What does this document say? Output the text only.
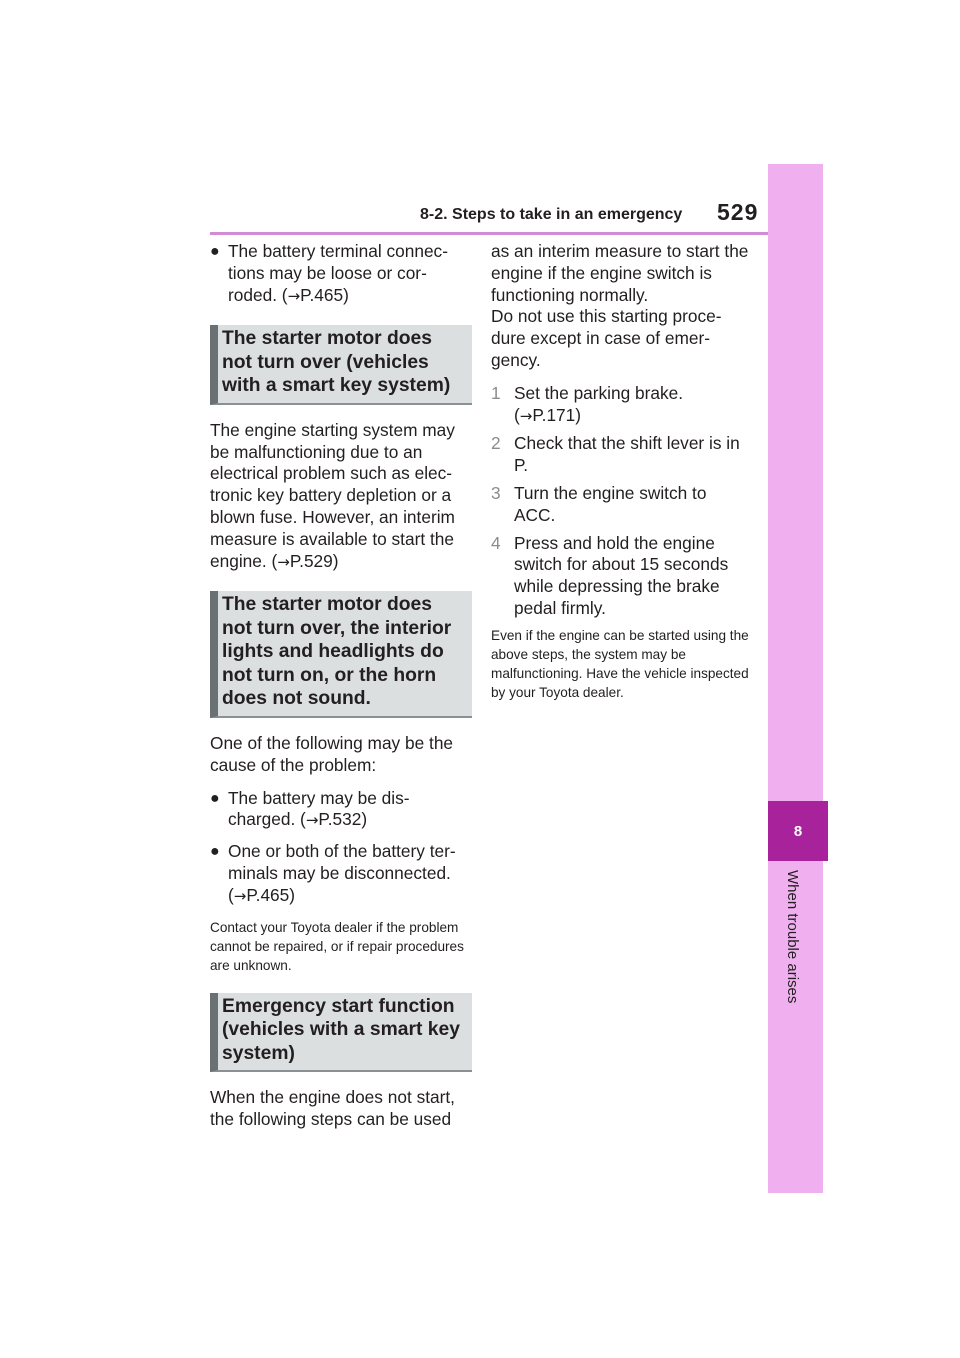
8
When trouble arises
8-2. Steps to take in an emergency 529
● The battery terminal connec-tions may be loose or cor-roded. (→P.465)
The starter motor does not turn over (vehicles with a smart key system)

The engine starting system may be malfunctioning due to an electrical problem such as elec-tronic key battery depletion or a blown fuse. However, an interim measure is available to start the engine. (→P.529)

The starter motor does not turn over, the interior lights and headlights do not turn on, or the horn does not sound.

One of the following may be the cause of the problem:

● The battery may be dis-charged. (→P.532)
● One or both of the battery ter-minals may be disconnected. (→P.465)

Contact your Toyota dealer if the problem cannot be repaired, or if repair procedures are unknown.

Emergency start function (vehicles with a smart key system)

When the engine does not start, the following steps can be used

as an interim measure to start the engine if the engine switch is functioning normally.

Do not use this starting proce-dure except in case of emer-gency.

1 Set the parking brake. (→P.171)
2 Check that the shift lever is in P.
3 Turn the engine switch to ACC.
4 Press and hold the engine switch for about 15 seconds while depressing the brake pedal firmly.

Even if the engine can be started using the above steps, the system may be malfunctioning. Have the vehicle inspected by your Toyota dealer.
